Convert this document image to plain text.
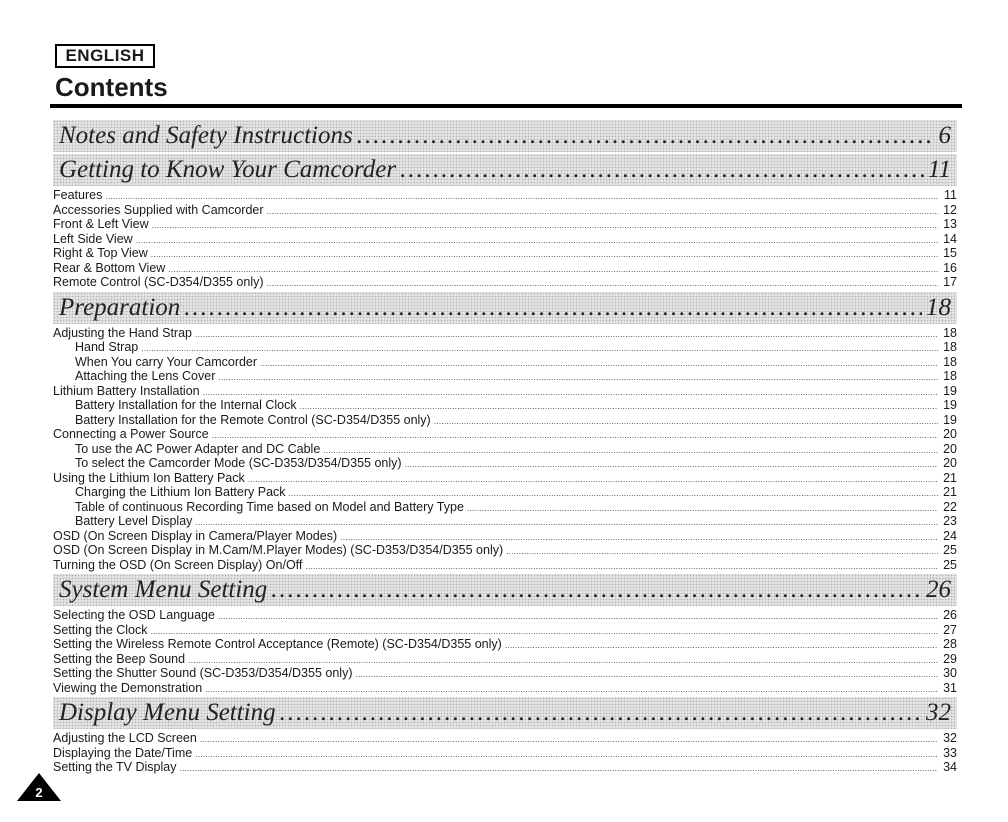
ENGLISH
Contents
Notes and Safety Instructions .....	6
Getting to Know Your Camcorder .....	11
Features .....	11
Accessories Supplied with Camcorder .....	12
Front & Left View .....	13
Left Side View .....	14
Right & Top View .....	15
Rear & Bottom View .....	16
Remote Control (SC-D354/D355 only) .....	17
Preparation .....	18
Adjusting the Hand Strap .....	18
Hand Strap .....	18
When You carry Your Camcorder .....	18
Attaching the Lens Cover .....	18
Lithium Battery Installation .....	19
Battery Installation for the Internal Clock .....	19
Battery Installation for the Remote Control (SC-D354/D355 only) .....	19
Connecting a Power Source .....	20
To use the AC Power Adapter and DC Cable .....	20
To select the Camcorder Mode (SC-D353/D354/D355 only) .....	20
Using the Lithium Ion Battery Pack .....	21
Charging the Lithium Ion Battery Pack .....	21
Table of continuous Recording Time based on Model and Battery Type .....	22
Battery Level Display .....	23
OSD (On Screen Display in Camera/Player Modes) .....	24
OSD (On Screen Display in M.Cam/M.Player Modes) (SC-D353/D354/D355 only) .....	25
Turning the OSD (On Screen Display) On/Off .....	25
System Menu Setting .....	26
Selecting the OSD Language .....	26
Setting the Clock .....	27
Setting the Wireless Remote Control Acceptance (Remote) (SC-D354/D355 only) .....	28
Setting the Beep Sound .....	29
Setting the Shutter Sound (SC-D353/D354/D355 only) .....	30
Viewing the Demonstration .....	31
Display Menu Setting .....	32
Adjusting the LCD Screen .....	32
Displaying the Date/Time .....	33
Setting the TV Display .....	34
2
